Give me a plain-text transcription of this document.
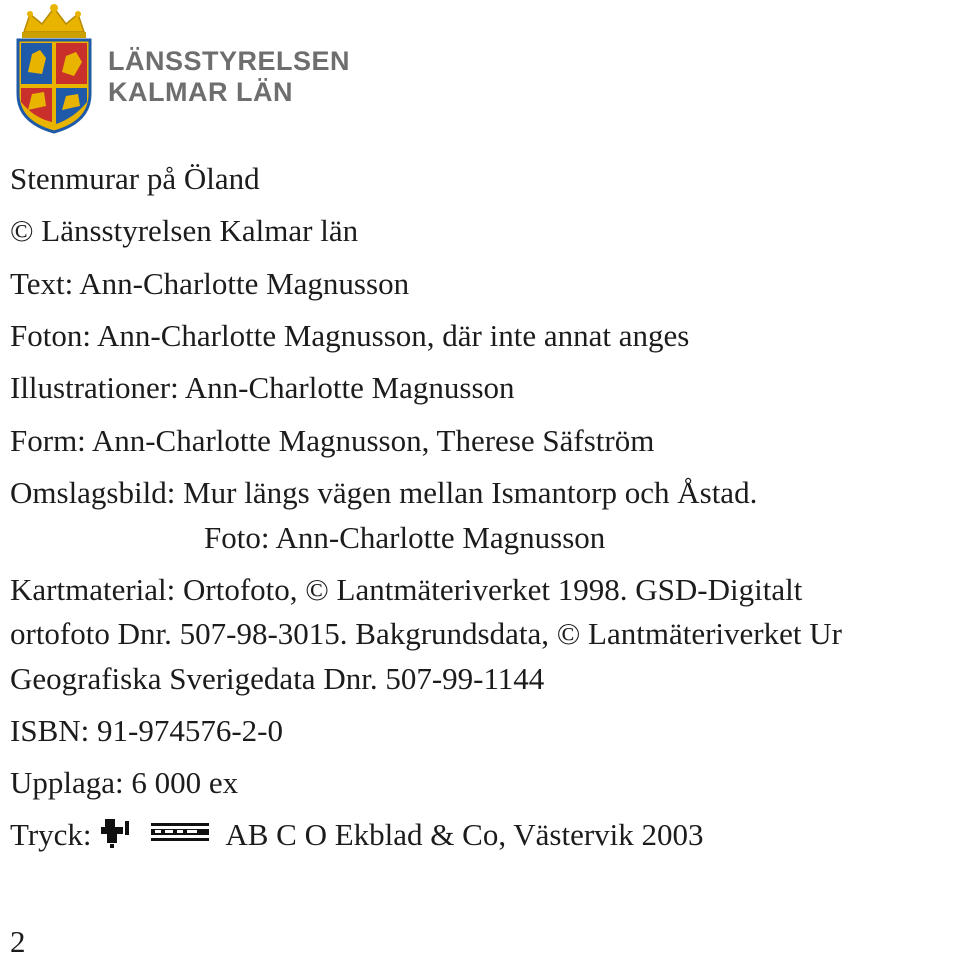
LÄNSSTYRELSEN
KALMAR LÄN
Stenmurar på Öland
© Länsstyrelsen Kalmar län
Text: Ann-Charlotte Magnusson
Foton: Ann-Charlotte Magnusson, där inte annat anges
Illustrationer: Ann-Charlotte Magnusson
Form: Ann-Charlotte Magnusson, Therese Säfström
Omslagsbild: Mur längs vägen mellan Ismantorp och Åstad.
Foto: Ann-Charlotte Magnusson
Kartmaterial: Ortofoto, © Lantmäteriverket 1998. GSD-Digitalt
ortofoto Dnr. 507-98-3015. Bakgrundsdata, © Lantmäteriverket Ur
Geografiska Sverigedata Dnr. 507-99-1144
ISBN: 91-974576-2-0
Upplaga: 6 000 ex
Tryck:	AB C O Ekblad & Co, Västervik 2003
2
